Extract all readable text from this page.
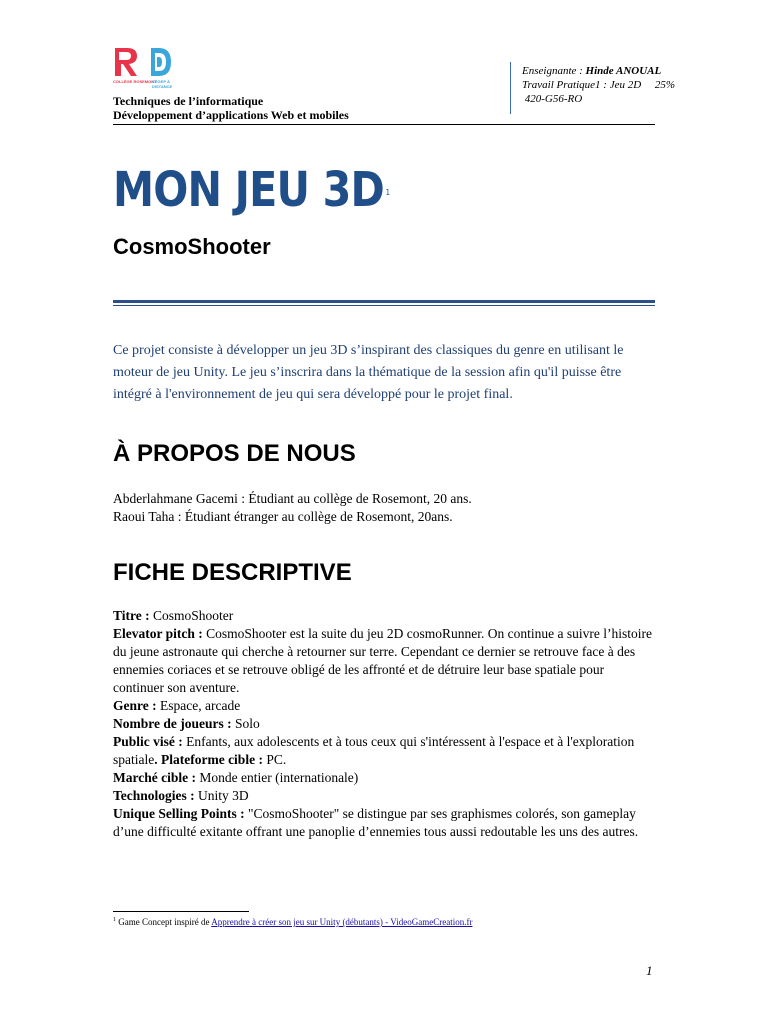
COLLÈGE ROSEMONT
CÉGEP À DISTANCE
Techniques de l’informatique
Développement d’applications Web et mobiles
Enseignante : Hinde ANOUAL
Travail Pratique1 : Jeu 2D     25%
420-G56-RO
MON JEU 3D $^1$
CosmoShooter
Ce projet consiste à développer un jeu 3D s’inspirant des classiques du genre en utilisant le moteur de jeu Unity. Le jeu s’inscrira dans la thématique de la session afin qu'il puisse être intégré à l'environnement de jeu qui sera développé pour le projet final.
À PROPOS DE NOUS
Abderlahmane Gacemi : Étudiant au collège de Rosemont, 20 ans.
Raoui Taha : Étudiant étranger au collège de Rosemont, 20ans.
FICHE DESCRIPTIVE

Titre : CosmoShooter

Elevator pitch : CosmoShooter est la suite du jeu 2D cosmoRunner. On continue a suivre l’histoire du jeune astronaute qui cherche à retourner sur terre. Cependant ce dernier se retrouve face à des ennemies coriaces et se retrouve obligé de les affronté et de détruire leur base spatiale pour continuer son aventure.

Genre : Espace, arcade

Nombre de joueurs : Solo

Public visé : Enfants, aux adolescents et à tous ceux qui s'intéressent à l'espace et à l'exploration spatiale. Plateforme cible : PC.

Marché cible : Monde entier (internationale)

Technologies : Unity 3D

Unique Selling Points : "CosmoShooter" se distingue par ses graphismes colorés, son gameplay d’une difficulté exitante offrant une panoplie d’ennemies tous aussi redoutable les uns des autres.

$^1$ Game Concept inspiré de Apprendre à créer son jeu sur Unity (débutants) - VideoGameCreation.fr
1
